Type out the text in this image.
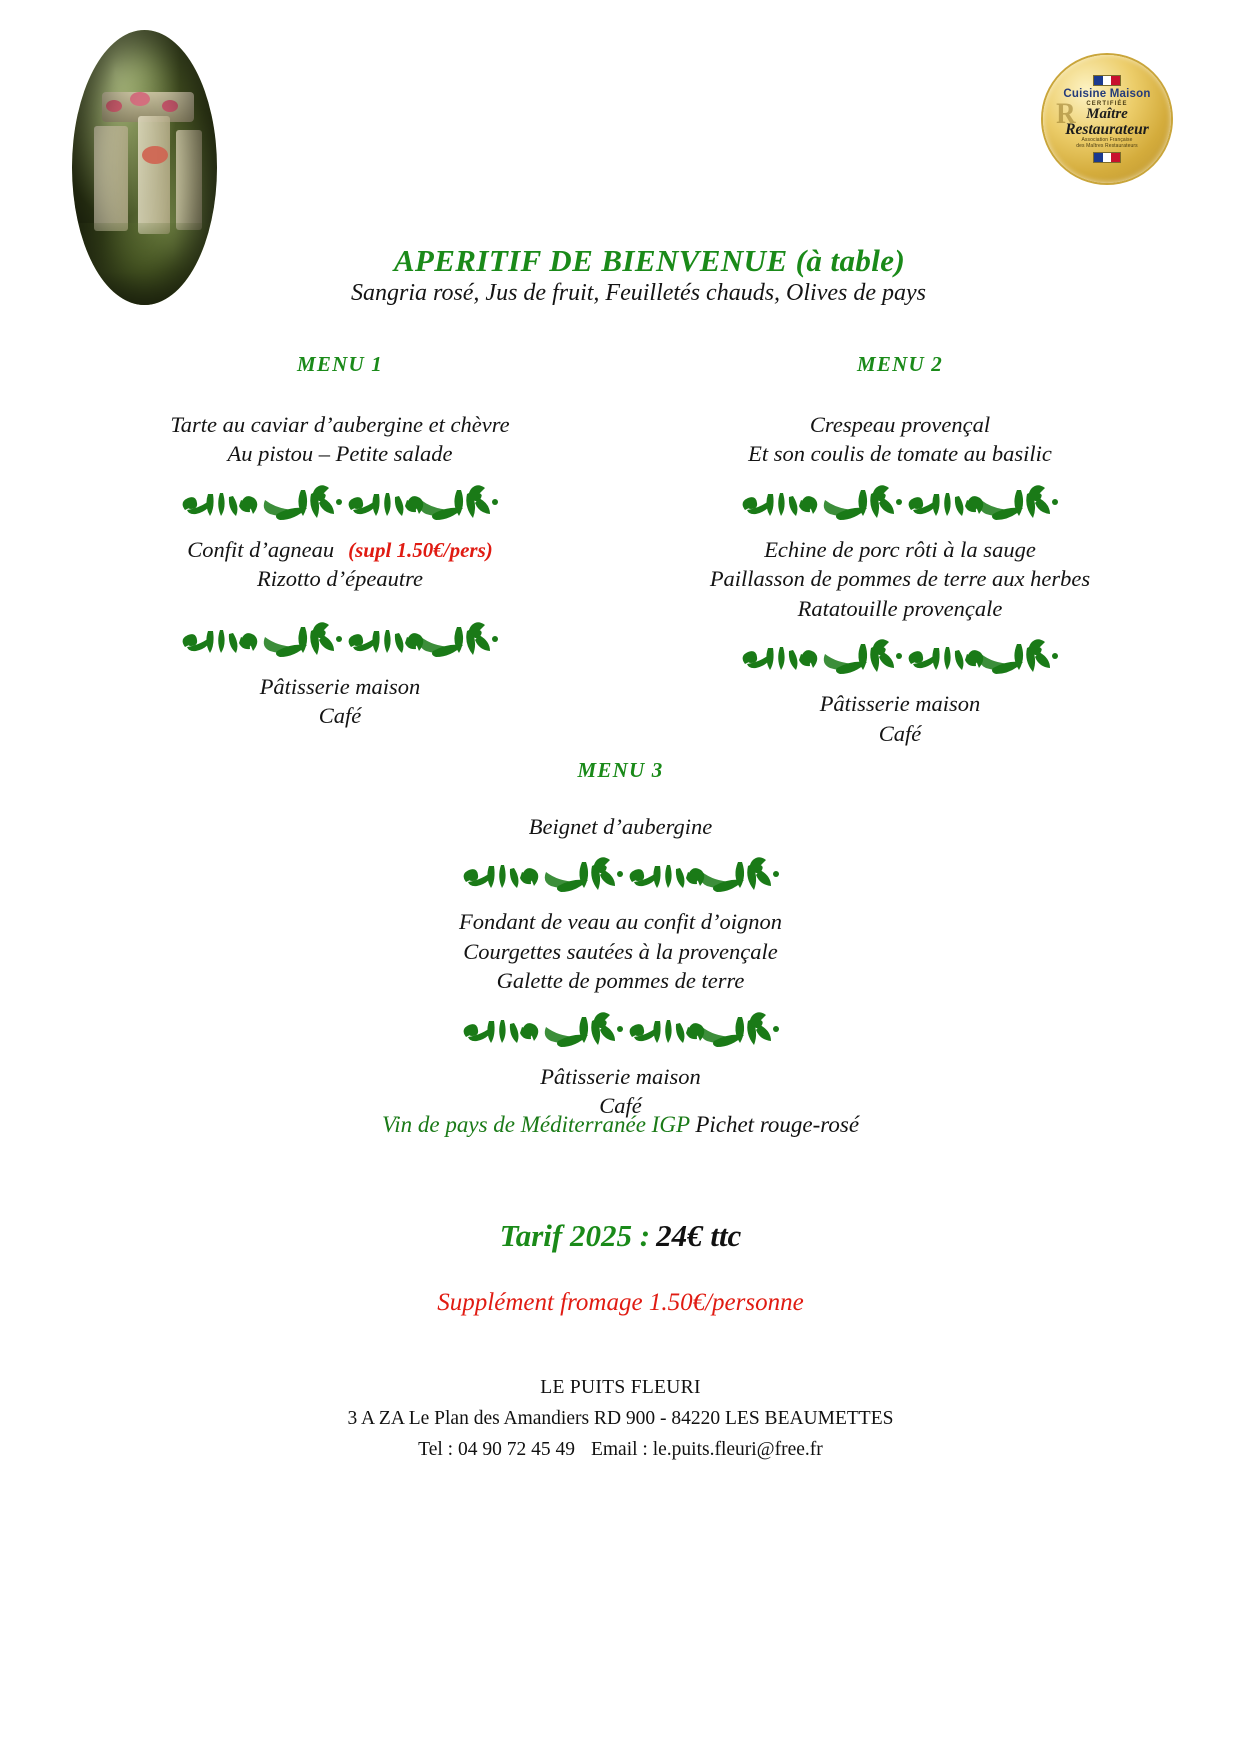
R
Cuisine Maison
CERTIFIÉE
Maître
Restaurateur
Association Française
des Maîtres Restaurateurs
APERITIF DE BIENVENUE (à table)
Sangria rosé, Jus de fruit, Feuilletés chauds, Olives de pays
MENU 1
Tarte au caviar d’aubergine et chèvre
Au pistou – Petite salade
Confit d’agneau (supl 1.50€/pers)
Rizotto d’épeautre
Pâtisserie maison
Café
MENU 2
Crespeau provençal
Et son coulis de tomate au basilic
Echine de porc rôti à la sauge
Paillasson de pommes de terre aux herbes
Ratatouille provençale
Pâtisserie maison
Café
MENU 3
Beignet d’aubergine
Fondant de veau au confit d’oignon
Courgettes sautées à la provençale
Galette de pommes de terre
Pâtisserie maison
Café
Vin de pays de Méditerranée IGP Pichet rouge-rosé
Tarif 2025 : 24€ ttc
Supplément fromage 1.50€/personne
LE PUITS FLEURI
3 A ZA Le Plan des Amandiers RD 900 - 84220 LES BEAUMETTES
Tel : 04 90 72 45 49 Email : le.puits.fleuri@free.fr
